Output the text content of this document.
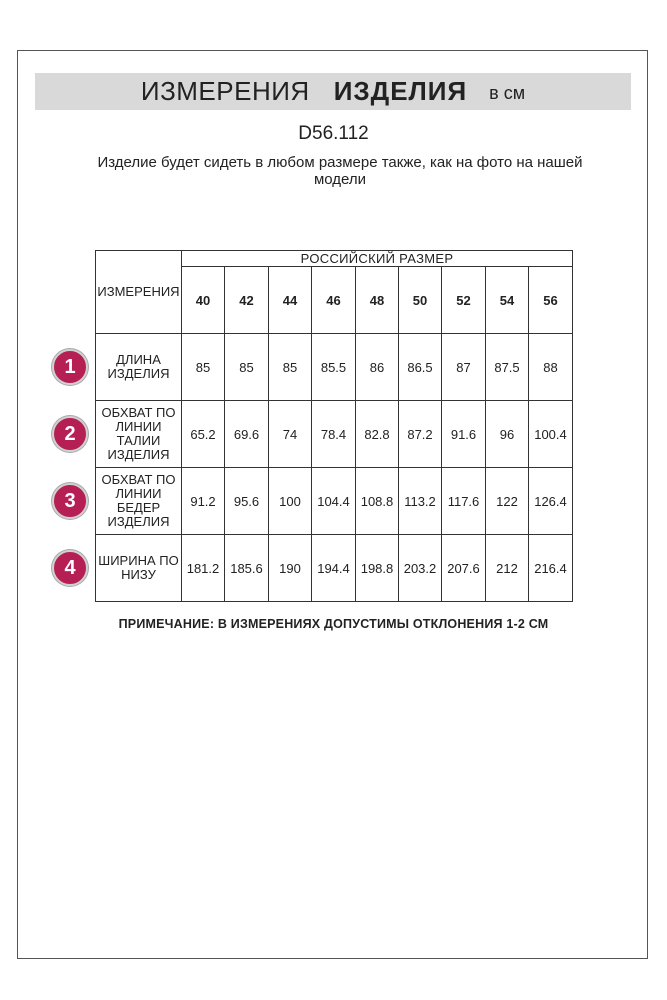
ИЗМЕРЕНИЯ ИЗДЕЛИЯ в см
D56.112
Изделие будет сидеть в любом размере также, как на фото на нашей модели
ИЗМЕРЕНИЯ	РОССИЙСКИЙ РАЗМЕР								
	40	42	44	46	48	50	52	54	56
ДЛИНА ИЗДЕЛИЯ	85	85	85	85.5	86	86.5	87	87.5	88
ОБХВАТ ПО ЛИНИИ ТАЛИИ ИЗДЕЛИЯ	65.2	69.6	74	78.4	82.8	87.2	91.6	96	100.4
ОБХВАТ ПО ЛИНИИ БЕДЕР ИЗДЕЛИЯ	91.2	95.6	100	104.4	108.8	113.2	117.6	122	126.4
ШИРИНА ПО НИЗУ	181.2	185.6	190	194.4	198.8	203.2	207.6	212	216.4
1
2
3
4
ПРИМЕЧАНИЕ: В ИЗМЕРЕНИЯХ ДОПУСТИМЫ ОТКЛОНЕНИЯ 1-2 СМ
